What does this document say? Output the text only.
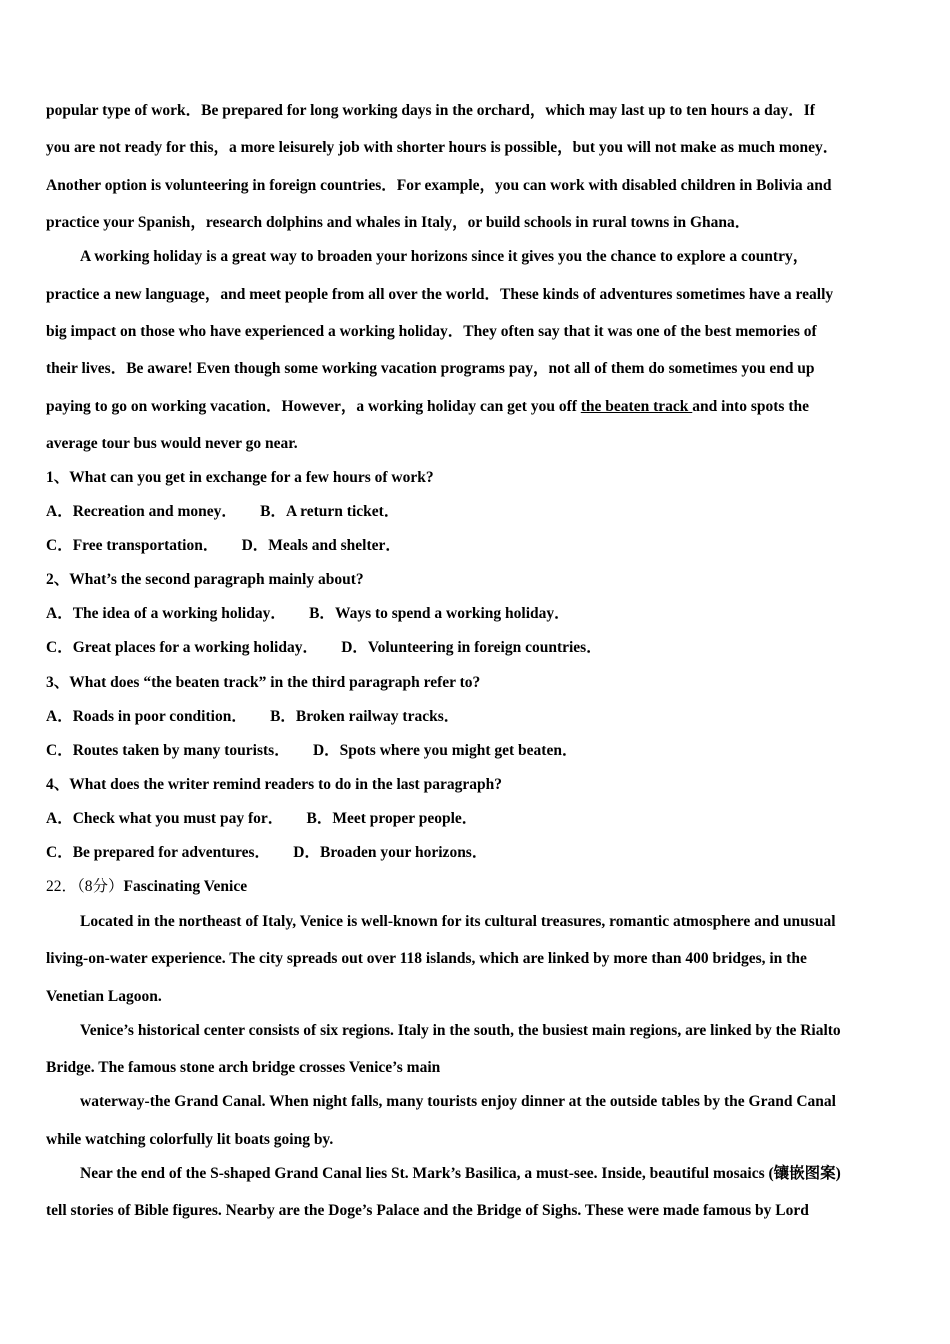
popular type of work．Be prepared for long working days in the orchard，which may last up to ten hours a day．If

you are not ready for this，a more leisurely job with shorter hours is possible，but you will not make as much money．

Another option is volunteering in foreign countries．For example，you can work with disabled children in Bolivia and

practice your Spanish，research dolphins and whales in Italy，or build schools in rural towns in Ghana．

A working holiday is a great way to broaden your horizons since it gives you the chance to explore a country，

practice a new language，and meet people from all over the world．These kinds of adventures sometimes have a really

big impact on those who have experienced a working holiday．They often say that it was one of the best memories of

their lives．Be aware! Even though some working vacation programs pay，not all of them do sometimes you end up

paying to go on working vacation．However，a working holiday can get you off the beaten track and into spots the

average tour bus would never go near.

1、What can you get in exchange for a few hours of work?

A．Recreation and money．      B．A return ticket．

C．Free transportation．      D．Meals and shelter．

2、What’s the second paragraph mainly about?

A．The idea of a working holiday．      B．Ways to spend a working holiday．

C．Great places for a working holiday．      D．Volunteering in foreign countries．

3、What does “the beaten track” in the third paragraph refer to?

A．Roads in poor condition．      B．Broken railway tracks．

C．Routes taken by many tourists．      D．Spots where you might get beaten．

4、What does the writer remind readers to do in the last paragraph?

A．Check what you must pay for．      B．Meet proper people．

C．Be prepared for adventures．      D．Broaden your horizons．

22．（8分）Fascinating Venice

Located in the northeast of Italy, Venice is well-known for its cultural treasures, romantic atmosphere and unusual

living-on-water experience. The city spreads out over 118 islands, which are linked by more than 400 bridges, in the

Venetian Lagoon.

Venice’s historical center consists of six regions. Italy in the south, the busiest main regions, are linked by the Rialto

Bridge. The famous stone arch bridge crosses Venice’s main

waterway-the Grand Canal. When night falls, many tourists enjoy dinner at the outside tables by the Grand Canal

while watching colorfully lit boats going by.

Near the end of the S-shaped Grand Canal lies St. Mark’s Basilica, a must-see. Inside, beautiful mosaics (镶嵌图案)

tell stories of Bible figures. Nearby are the Doge’s Palace and the Bridge of Sighs. These were made famous by Lord
